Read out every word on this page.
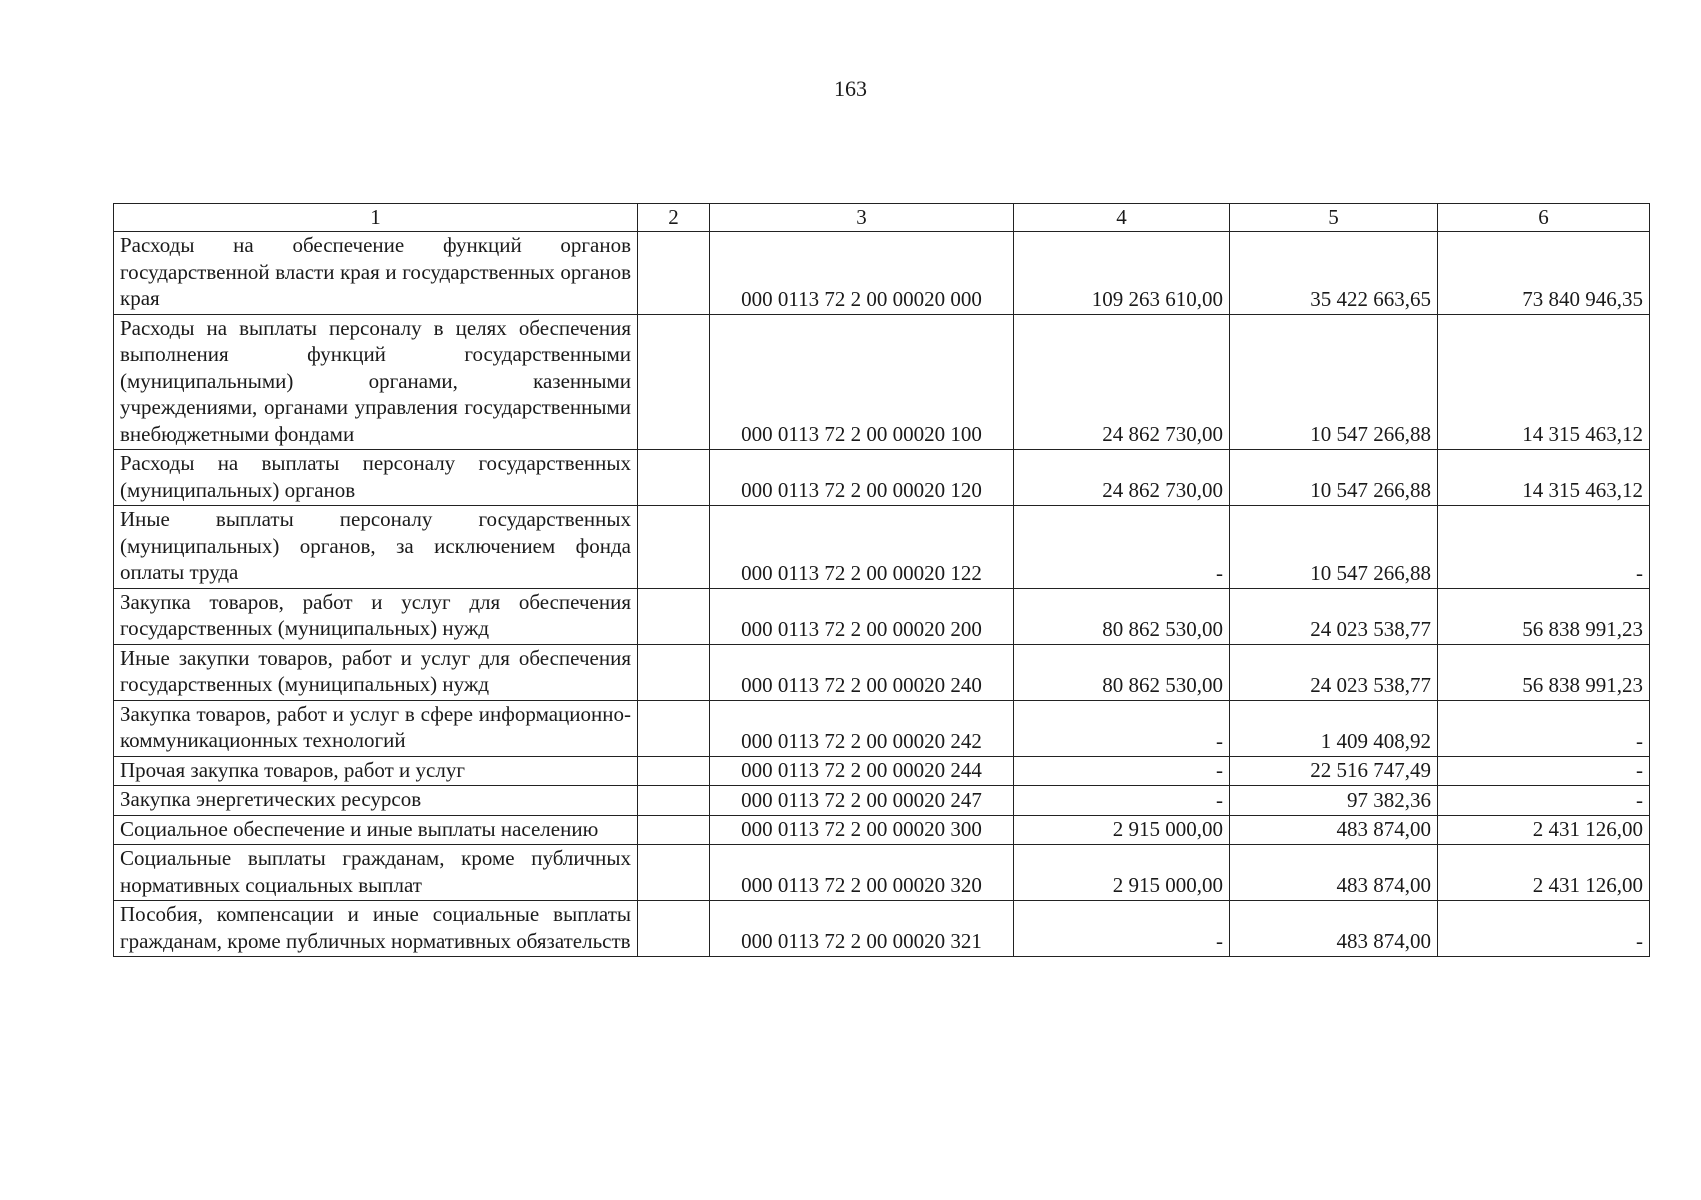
163
1	2	3	4	5	6
Расходы на обеспечение функций органов государственной власти края и государственных органов края		000 0113 72 2 00 00020 000	109 263 610,00	35 422 663,65	73 840 946,35
Расходы на выплаты персоналу в целях обеспечения выполнения функций государственными (муниципальными) органами, казенными учреждениями, органами управления государственными внебюджетными фондами		000 0113 72 2 00 00020 100	24 862 730,00	10 547 266,88	14 315 463,12
Расходы на выплаты персоналу государственных (муниципальных) органов		000 0113 72 2 00 00020 120	24 862 730,00	10 547 266,88	14 315 463,12
Иные выплаты персоналу государственных (муниципальных) органов, за исключением фонда оплаты труда		000 0113 72 2 00 00020 122	-	10 547 266,88	-
Закупка товаров, работ и услуг для обеспечения государственных (муниципальных) нужд		000 0113 72 2 00 00020 200	80 862 530,00	24 023 538,77	56 838 991,23
Иные закупки товаров, работ и услуг для обеспечения государственных (муниципальных) нужд		000 0113 72 2 00 00020 240	80 862 530,00	24 023 538,77	56 838 991,23
Закупка товаров, работ и услуг в сфере информационно-коммуникационных технологий		000 0113 72 2 00 00020 242	-	1 409 408,92	-
Прочая закупка товаров, работ и услуг		000 0113 72 2 00 00020 244	-	22 516 747,49	-
Закупка энергетических ресурсов		000 0113 72 2 00 00020 247	-	97 382,36	-
Социальное обеспечение и иные выплаты населению		000 0113 72 2 00 00020 300	2 915 000,00	483 874,00	2 431 126,00
Социальные выплаты гражданам, кроме публичных нормативных социальных выплат		000 0113 72 2 00 00020 320	2 915 000,00	483 874,00	2 431 126,00
Пособия, компенсации и иные социальные выплаты гражданам, кроме публичных нормативных обязательств		000 0113 72 2 00 00020 321	-	483 874,00	-
